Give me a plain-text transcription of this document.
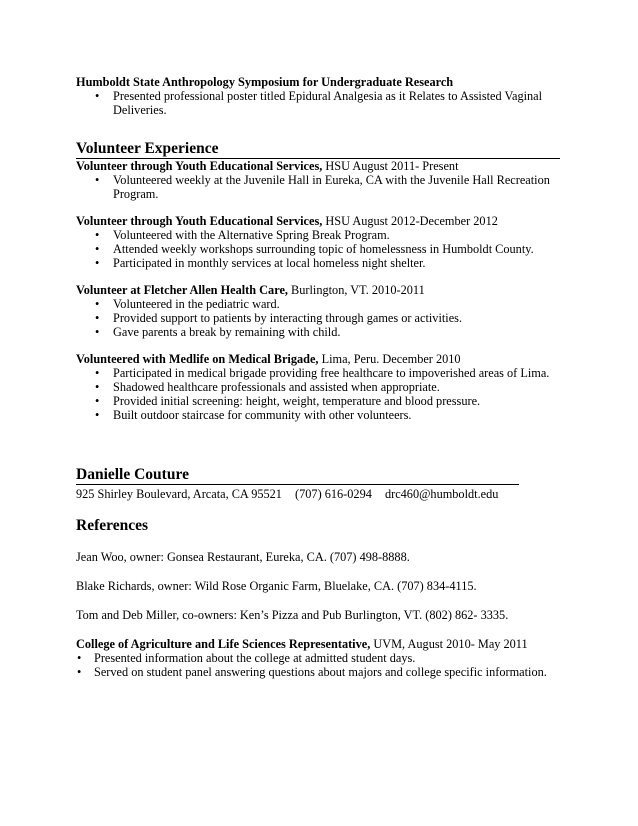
Humboldt State Anthropology Symposium for Undergraduate Research

• Presented professional poster titled Epidural Analgesia as it Relates to Assisted Vaginal Deliveries.
Volunteer Experience

Volunteer through Youth Educational Services, HSU August 2011- Present

• Volunteered weekly at the Juvenile Hall in Eureka, CA with the Juvenile Hall Recreation Program.

Volunteer through Youth Educational Services, HSU August 2012-December 2012

• Volunteered with the Alternative Spring Break Program.
• Attended weekly workshops surrounding topic of homelessness in Humboldt County.
• Participated in monthly services at local homeless night shelter.

Volunteer at Fletcher Allen Health Care, Burlington, VT. 2010-2011

• Volunteered in the pediatric ward.
• Provided support to patients by interacting through games or activities.
• Gave parents a break by remaining with child.

Volunteered with Medlife on Medical Brigade, Lima, Peru. December 2010

• Participated in medical brigade providing free healthcare to impoverished areas of Lima.
• Shadowed healthcare professionals and assisted when appropriate.
• Provided initial screening: height, weight, temperature and blood pressure.
• Built outdoor staircase for community with other volunteers.
Danielle Couture
925 Shirley Boulevard, Arcata, CA 95521 (707) 616-0294 drc460@humboldt.edu
References

Jean Woo, owner: Gonsea Restaurant, Eureka, CA. (707) 498-8888.

Blake Richards, owner: Wild Rose Organic Farm, Bluelake, CA. (707) 834-4115.

Tom and Deb Miller, co-owners: Ken’s Pizza and Pub Burlington, VT. (802) 862- 3335.

College of Agriculture and Life Sciences Representative, UVM, August 2010- May 2011

• Presented information about the college at admitted student days.
• Served on student panel answering questions about majors and college specific information.
